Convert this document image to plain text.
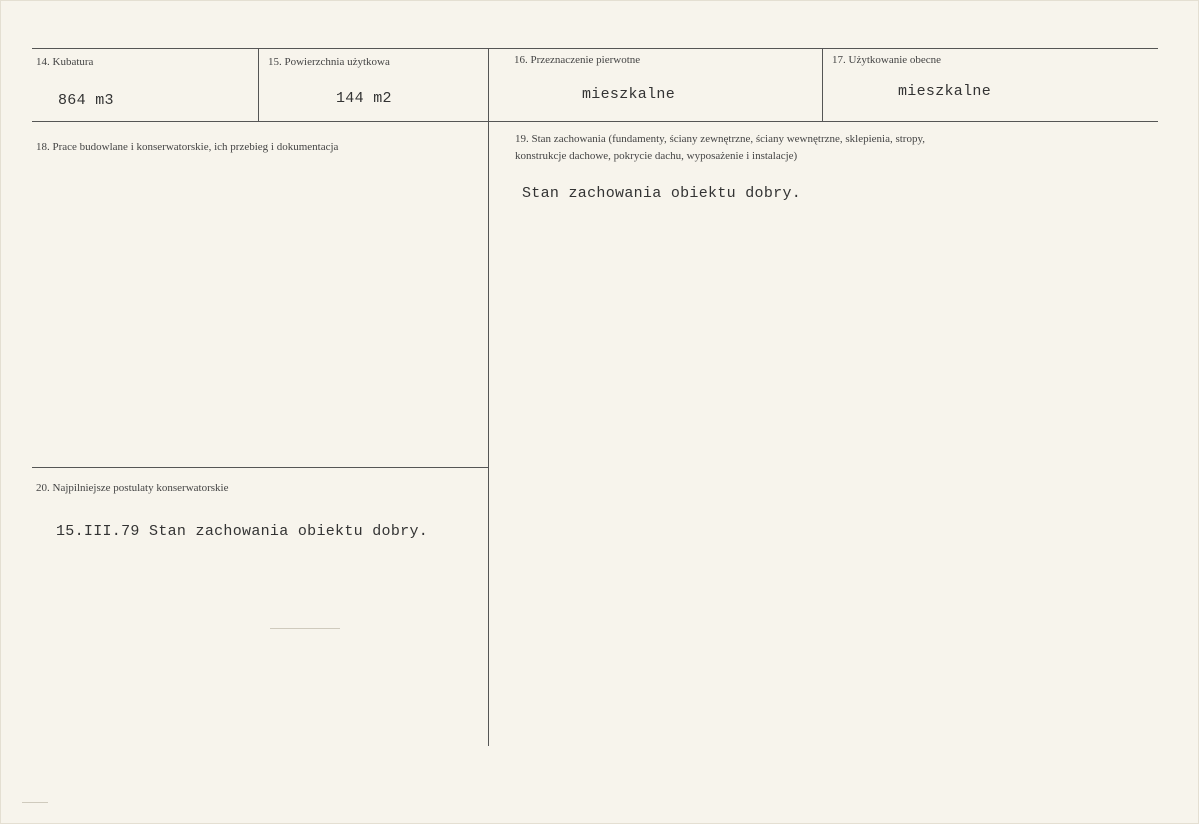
14. Kubatura
864 m3
15. Powierzchnia użytkowa
144 m2
16. Przeznaczenie pierwotne
mieszkalne
17. Użytkowanie obecne
mieszkalne
18. Prace budowlane i konserwatorskie, ich przebieg i dokumentacja
19. Stan zachowania (fundamenty, ściany zewnętrzne, ściany wewnętrzne, sklepienia, stropy,
konstrukcje dachowe, pokrycie dachu, wyposażenie i instalacje)
Stan zachowania obiektu dobry.
20. Najpilniejsze postulaty konserwatorskie
15.III.79 Stan zachowania obiektu dobry.
